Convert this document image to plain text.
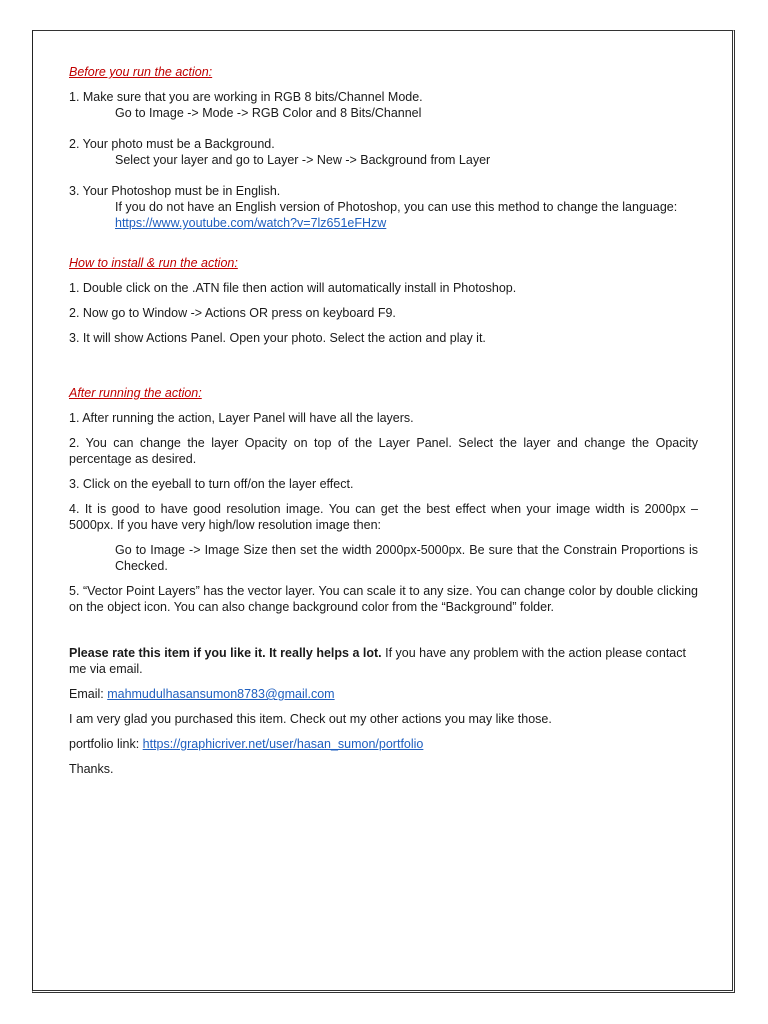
Before you run the action:

1. Make sure that you are working in RGB 8 bits/Channel Mode.

Go to Image -> Mode -> RGB Color and 8 Bits/Channel

2. Your photo must be a Background.

Select your layer and go to Layer -> New -> Background from Layer

3. Your Photoshop must be in English.

If you do not have an English version of Photoshop, you can use this method to change the language:  https://www.youtube.com/watch?v=7lz651eFHzw

How to install & run the action:

1. Double click on the .ATN file then action will automatically install in Photoshop.

2. Now go to Window -> Actions OR press on keyboard F9.

3. It will show Actions Panel. Open your photo. Select the action and play it.

After running the action:

1. After running the action, Layer Panel will have all the layers.

2. You can change the layer Opacity on top of the Layer Panel. Select the layer and change the Opacity percentage as desired.

3. Click on the eyeball to turn off/on the layer effect.

4. It is good to have good resolution image. You can get the best effect when your image width is 2000px – 5000px. If you have very high/low resolution image then:

Go to Image -> Image Size then set the width 2000px-5000px. Be sure that the Constrain Proportions is Checked.

5. “Vector Point Layers” has the vector layer. You can scale it to any size. You can change color by double clicking on the object icon. You can also change background color from the “Background” folder.

Please rate this item if you like it. It really helps a lot. If you have any problem with the action please contact me via email.

Email: mahmudulhasansumon8783@gmail.com

I am very glad you purchased this item. Check out my other actions you may like those.

portfolio link: https://graphicriver.net/user/hasan_sumon/portfolio

Thanks.
